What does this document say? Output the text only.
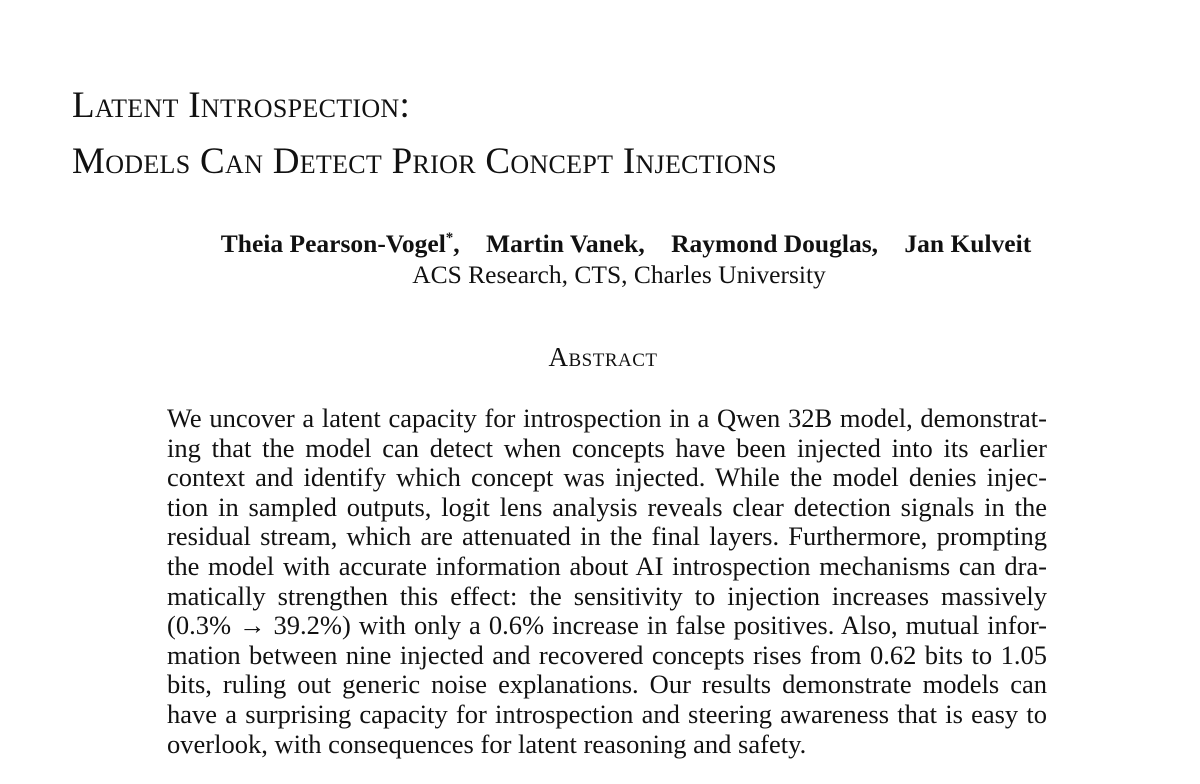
Latent Introspection:
Models Can Detect Prior Concept Injections
Theia Pearson-Vogel*, Martin Vanek, Raymond Douglas, Jan Kulveit
ACS Research, CTS, Charles University
Abstract
We uncover a latent capacity for introspection in a Qwen 32B model, demonstrat-
ing that the model can detect when concepts have been injected into its earlier
context and identify which concept was injected. While the model denies injec-
tion in sampled outputs, logit lens analysis reveals clear detection signals in the
residual stream, which are attenuated in the final layers. Furthermore, prompting
the model with accurate information about AI introspection mechanisms can dra-
matically strengthen this effect: the sensitivity to injection increases massively
(0.3% → 39.2%) with only a 0.6% increase in false positives. Also, mutual infor-
mation between nine injected and recovered concepts rises from 0.62 bits to 1.05
bits, ruling out generic noise explanations. Our results demonstrate models can
have a surprising capacity for introspection and steering awareness that is easy to
overlook, with consequences for latent reasoning and safety.
